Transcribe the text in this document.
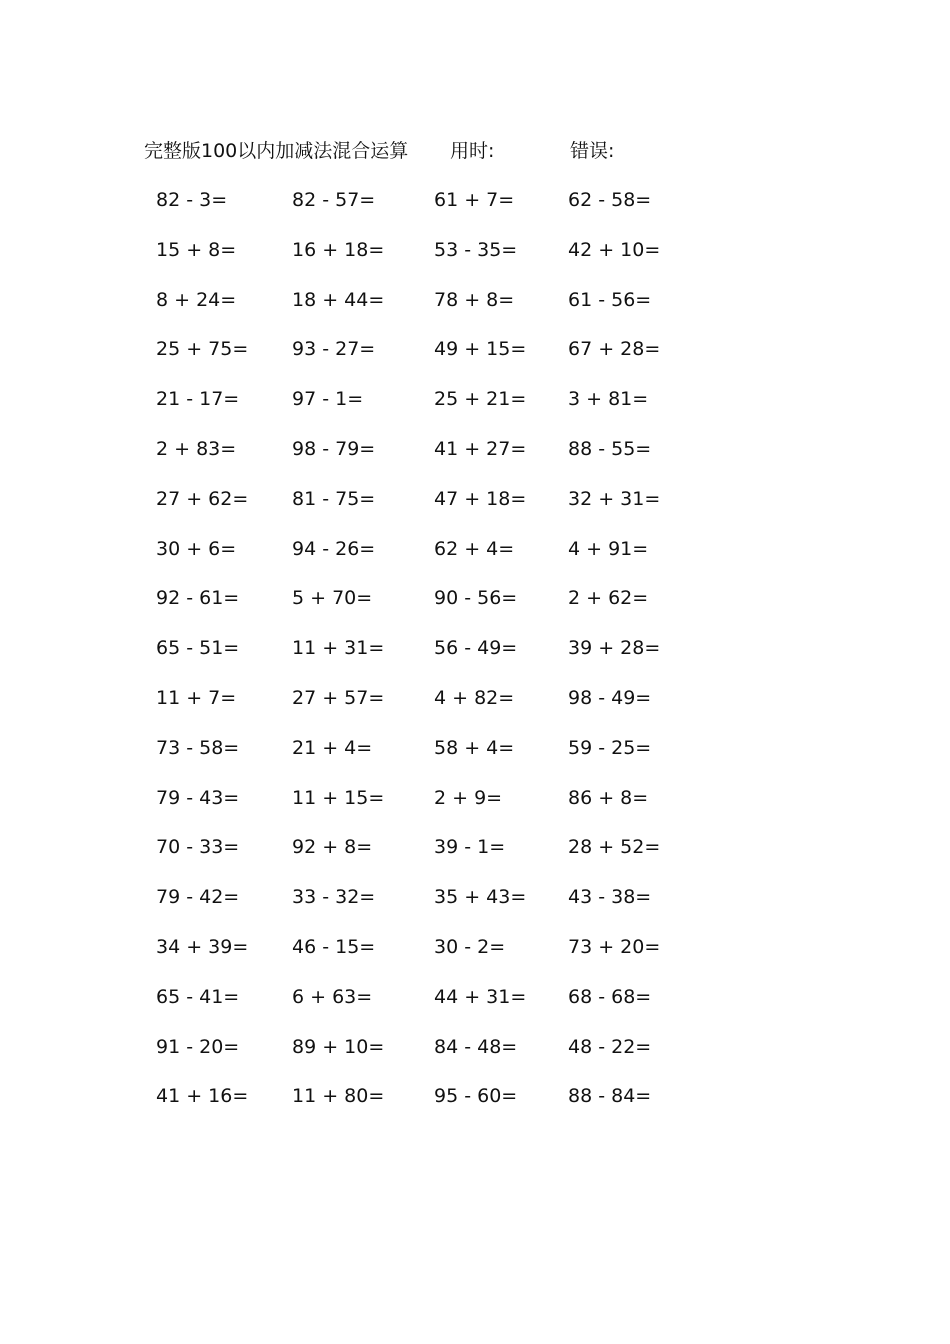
完整版100以内加减法混合运算 用时:	错误:
82 - 3=	82 - 57=	61 + 7=	62 - 58=
15 + 8=	16 + 18=	53 - 35=	42 + 10=
8 + 24=	18 + 44=	78 + 8=	61 - 56=
25 + 75= 93 - 27=	49 + 15= 67 + 28=
21 - 17=	97 - 1=	25 + 21= 3 + 81=
2 + 83=	98 - 79=	41 + 27= 88 - 55=
27 + 62= 81 - 75=	47 + 18= 32 + 31=
30 + 6=	94 - 26=	62 + 4=	4 + 91=
92 - 61=	5 + 70=	90 - 56=	2 + 62=
65 - 51=	11 + 31=	56 - 49=	39 + 28=
11 + 7=	27 + 57=	4 + 82=	98 - 49=
73 - 58=	21 + 4=	58 + 4=	59 - 25=
79 - 43=	11 + 15=	2 + 9=	86 + 8=
70 - 33=	92 + 8=	39 - 1=	28 + 52=
79 - 42=	33 - 32=	35 + 43= 43 - 38=
34 + 39= 46 - 15=	30 - 2=	73 + 20=
65 - 41=	6 + 63=	44 + 31= 68 - 68=
91 - 20=	89 + 10=	84 - 48=	48 - 22=
41 + 16= 11 + 80=	95 - 60=	88 - 84=
